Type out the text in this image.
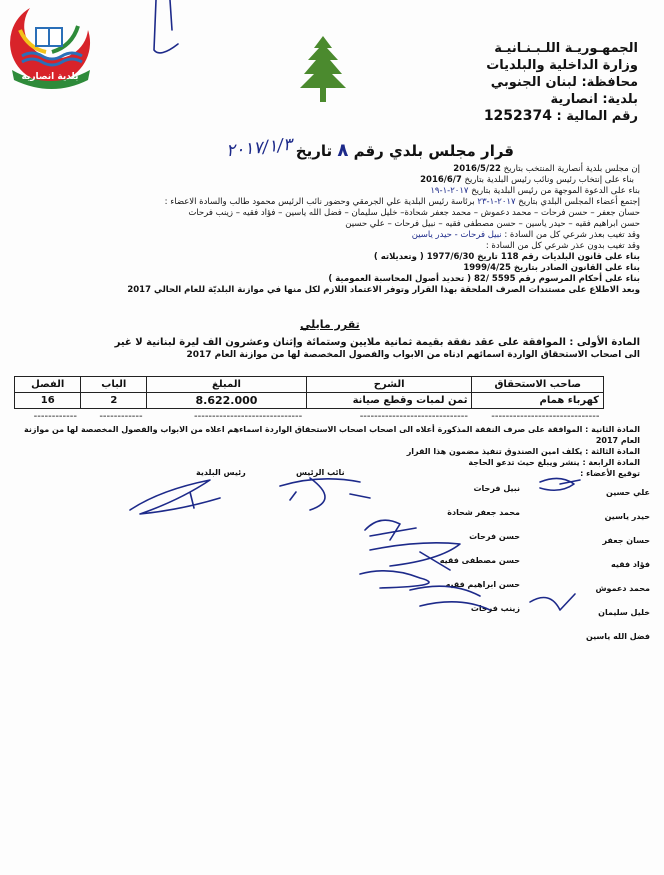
بلدية انصارية
الجمهـوريـة اللـبـنـانيـة
وزارة الداخلية والبلديات
محافظة: لبنان الجنوبي
بلدية: انصارية
رقم المالية : 1252374
قرار مجلس بلدي رقم ٨ تاريخ
٢٠١٧/١/٣
إن مجلس بلدية أنصارية المنتخب بتاريخ 2016/5/22
بناء على إنتخاب رئيس ونائب رئيس البلدية بتاريخ 2016/6/7
بناء على الدعوة الموجهة من رئيس البلدية بتاريخ ٢٠١٧-١-١٩
إجتمع أعضاء المجلس البلدي بتاريخ ٢٠١٧-١-٢٣ برئاسة رئيس البلدية علي الجرمقي وحضور نائب الرئيس محمود طالب والسادة الاعضاء :
حسان جعفر – حسن فرحات – محمد دعموش – محمد جعفر شحادة– خليل سليمان – فضل الله ياسين – فؤاد فقيه – زينب فرحات
حسن ابراهيم فقيه – حيدر ياسين – حسن مصطفى فقيه – نبيل فرحات – علي حسين
وقد تغيب بعذر شرعي كل من السادة : نبيل فرحات - حيدر ياسين
وقد تغيب بدون عذر شرعي كل من السادة :
بناء على قانون البلديات رقم 118 تاريخ 1977/6/30 ( وتعديلاته )
بناء على القانون الصادر بتاريخ 1999/4/25
بناء على أحكام المرسوم رقم 5595 /82 ( تحديد أصول المحاسبة العمومية )
وبعد الاطلاع على مستندات الصرف الملحقة بهذا القرار وتوفر الاعتماد اللازم لكل منها في موازنة البلديّة للعام الحالي 2017
تقرر مايلي
المادة الأولى : الموافقة على عقد نفقة بقيمة ثمانية ملايين وستمائة وإثنان وعشرون الف ليرة لبنانية لا غير
الى اصحاب الاستحقاق الواردة اسمائهم ادناه من الابواب والفصول المخصصة لها من موازنة العام 2017
صاحب الاستحقاق	الشرح	المبلغ	الباب	الفصل
كهرباء همام	ثمن لمبات وقطع صيانة	8.622.000	2	16
------------------------------	------------------------------	------------------------------	------------	------------
المادة الثانية : الموافقة على صرف النفقة المذكورة أعلاه الى اصحاب اصحاب الاستحقاق الواردة اسماءهم اعلاه من الابواب والفصول المخصصة لها من موازنة العام 2017
المادة الثالثة : يكلف امين الصندوق تنفيذ مضمون هذا القرار
المادة الرابعة : ينشر ويبلغ حيث تدعو الحاجة
توقيع الأعضاء :
نائب الرئيس
رئيس البلدية
علي حسين
حيدر ياسين
حسان جعفر
فؤاد فقيه
محمد دعموش
خليل سليمان
فضل الله ياسين
نبيل فرحات
محمد جعفر شحادة
حسن فرحات
حسن مصطفى فقيه
حسن ابراهيم فقيه
زينب فرحات
